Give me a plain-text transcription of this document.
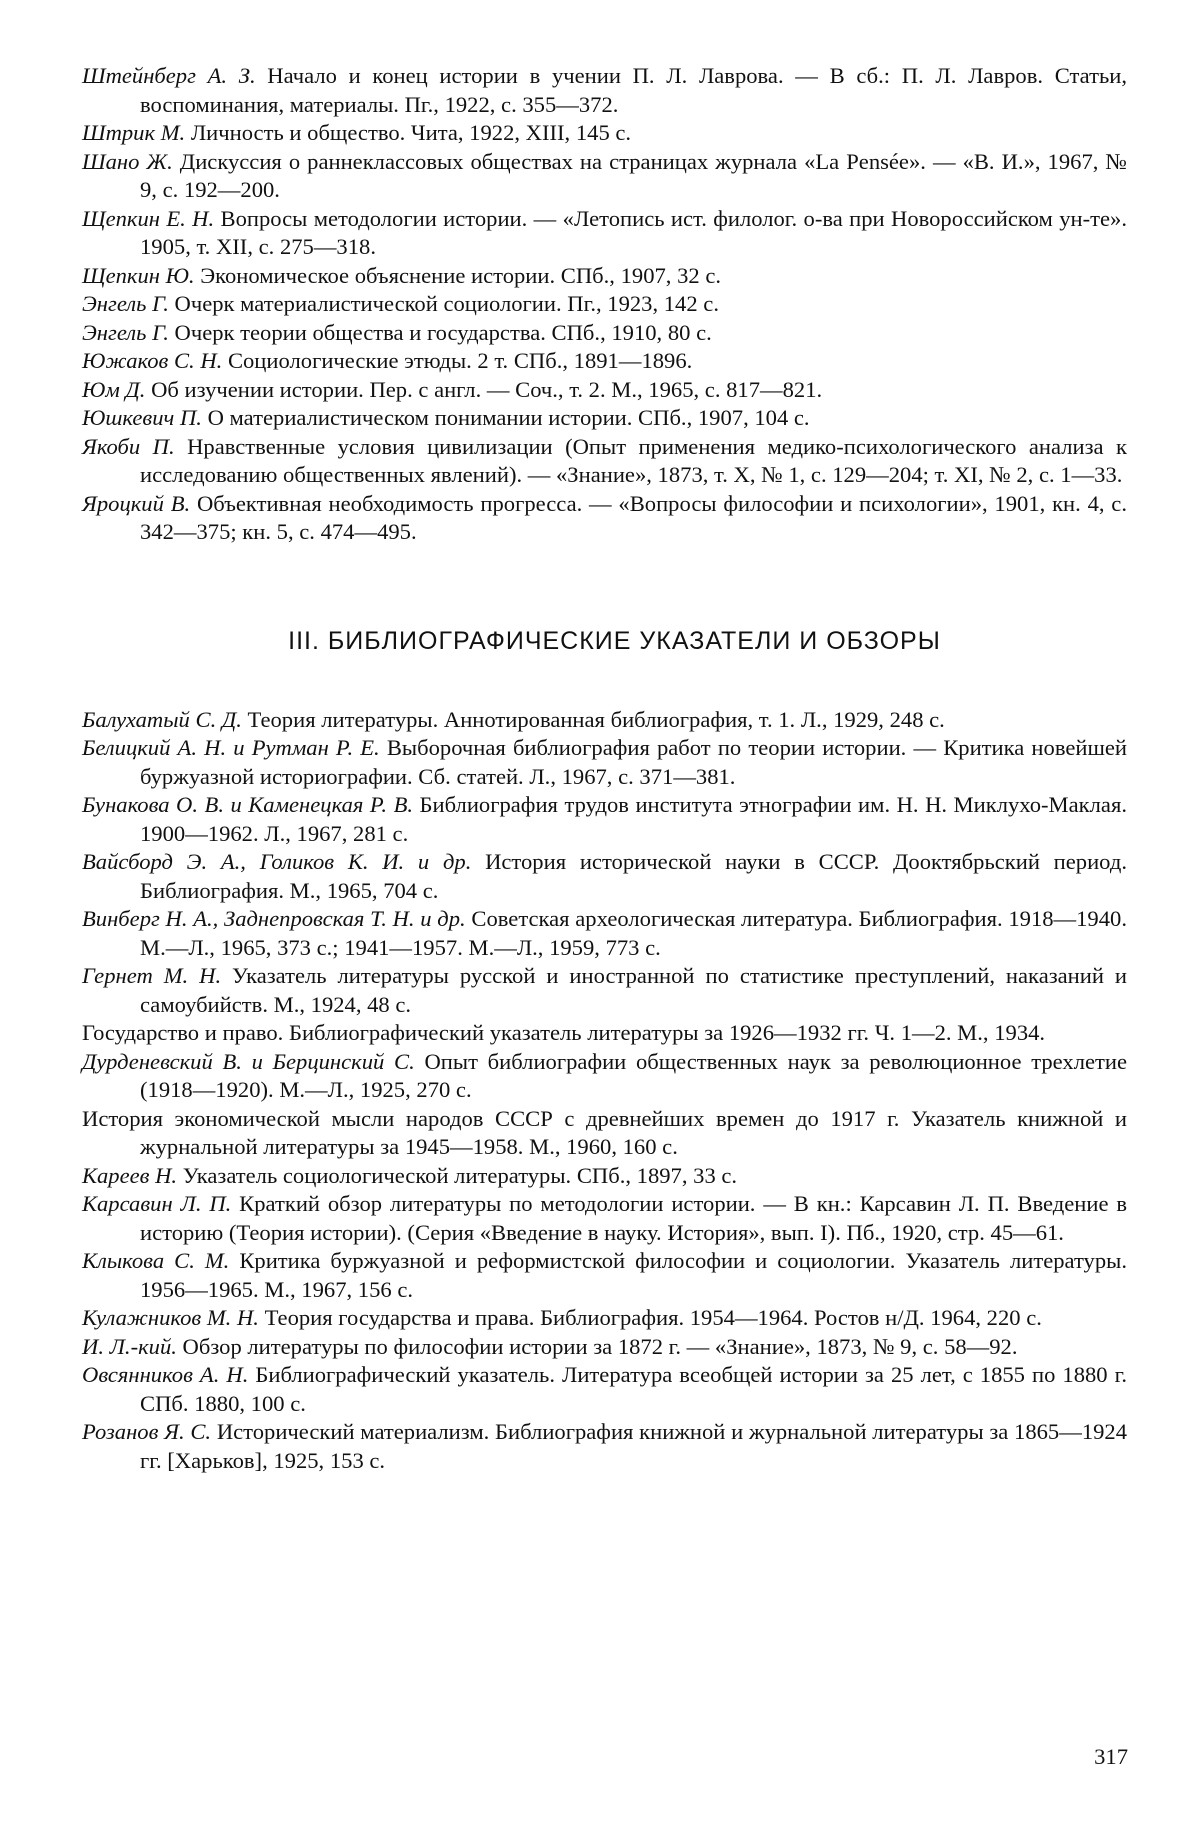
Штейнберг А. З. Начало и конец истории в учении П. Л. Лаврова. — В сб.: П. Л. Лавров. Статьи, воспоминания, материалы. Пг., 1922, с. 355—372.

Штрик М. Личность и общество. Чита, 1922, XIII, 145 с.

Шано Ж. Дискуссия о раннеклассовых обществах на страницах журнала «La Pensée». — «В. И.», 1967, № 9, с. 192—200.

Щепкин Е. Н. Вопросы методологии истории. — «Летопись ист. филолог. о-ва при Новороссийском ун-те». 1905, т. XII, с. 275—318.

Щепкин Ю. Экономическое объяснение истории. СПб., 1907, 32 с.

Энгель Г. Очерк материалистической социологии. Пг., 1923, 142 с.

Энгель Г. Очерк теории общества и государства. СПб., 1910, 80 с.

Южаков С. Н. Социологические этюды. 2 т. СПб., 1891—1896.

Юм Д. Об изучении истории. Пер. с англ. — Соч., т. 2. М., 1965, с. 817—821.

Юшкевич П. О материалистическом понимании истории. СПб., 1907, 104 с.

Якоби П. Нравственные условия цивилизации (Опыт применения медико-психологического анализа к исследованию общественных явлений). — «Знание», 1873, т. X, № 1, с. 129—204; т. XI, № 2, с. 1—33.

Яроцкий В. Объективная необходимость прогресса. — «Вопросы философии и психологии», 1901, кн. 4, с. 342—375; кн. 5, с. 474—495.

III. БИБЛИОГРАФИЧЕСКИЕ УКАЗАТЕЛИ И ОБЗОРЫ

Балухатый С. Д. Теория литературы. Аннотированная библиография, т. 1. Л., 1929, 248 с.

Белицкий А. Н. и Рутман Р. Е. Выборочная библиография работ по теории истории. — Критика новейшей буржуазной историографии. Сб. статей. Л., 1967, с. 371—381.

Бунакова О. В. и Каменецкая Р. В. Библиография трудов института этнографии им. Н. Н. Миклухо-Маклая. 1900—1962. Л., 1967, 281 с.

Вайсборд Э. А., Голиков К. И. и др. История исторической науки в СССР. Дооктябрьский период. Библиография. М., 1965, 704 с.

Винберг Н. А., Заднепровская Т. Н. и др. Советская археологическая литература. Библиография. 1918—1940. М.—Л., 1965, 373 с.; 1941—1957. М.—Л., 1959, 773 с.

Гернет М. Н. Указатель литературы русской и иностранной по статистике преступлений, наказаний и самоубийств. М., 1924, 48 с.

Государство и право. Библиографический указатель литературы за 1926—1932 гг. Ч. 1—2. М., 1934.

Дурденевский В. и Берцинский С. Опыт библиографии общественных наук за революционное трехлетие (1918—1920). М.—Л., 1925, 270 с.

История экономической мысли народов СССР с древнейших времен до 1917 г. Указатель книжной и журнальной литературы за 1945—1958. М., 1960, 160 с.

Кареев Н. Указатель социологической литературы. СПб., 1897, 33 с.

Карсавин Л. П. Краткий обзор литературы по методологии истории. — В кн.: Карсавин Л. П. Введение в историю (Теория истории). (Серия «Введение в науку. История», вып. I). Пб., 1920, стр. 45—61.

Клыкова С. М. Критика буржуазной и реформистской философии и социологии. Указатель литературы. 1956—1965. М., 1967, 156 с.

Кулажников М. Н. Теория государства и права. Библиография. 1954—1964. Ростов н/Д. 1964, 220 с.

И. Л.-кий. Обзор литературы по философии истории за 1872 г. — «Знание», 1873, № 9, с. 58—92.

Овсянников А. Н. Библиографический указатель. Литература всеобщей истории за 25 лет, с 1855 по 1880 г. СПб. 1880, 100 с.

Розанов Я. С. Исторический материализм. Библиография книжной и журнальной литературы за 1865—1924 гг. [Харьков], 1925, 153 с.

317
